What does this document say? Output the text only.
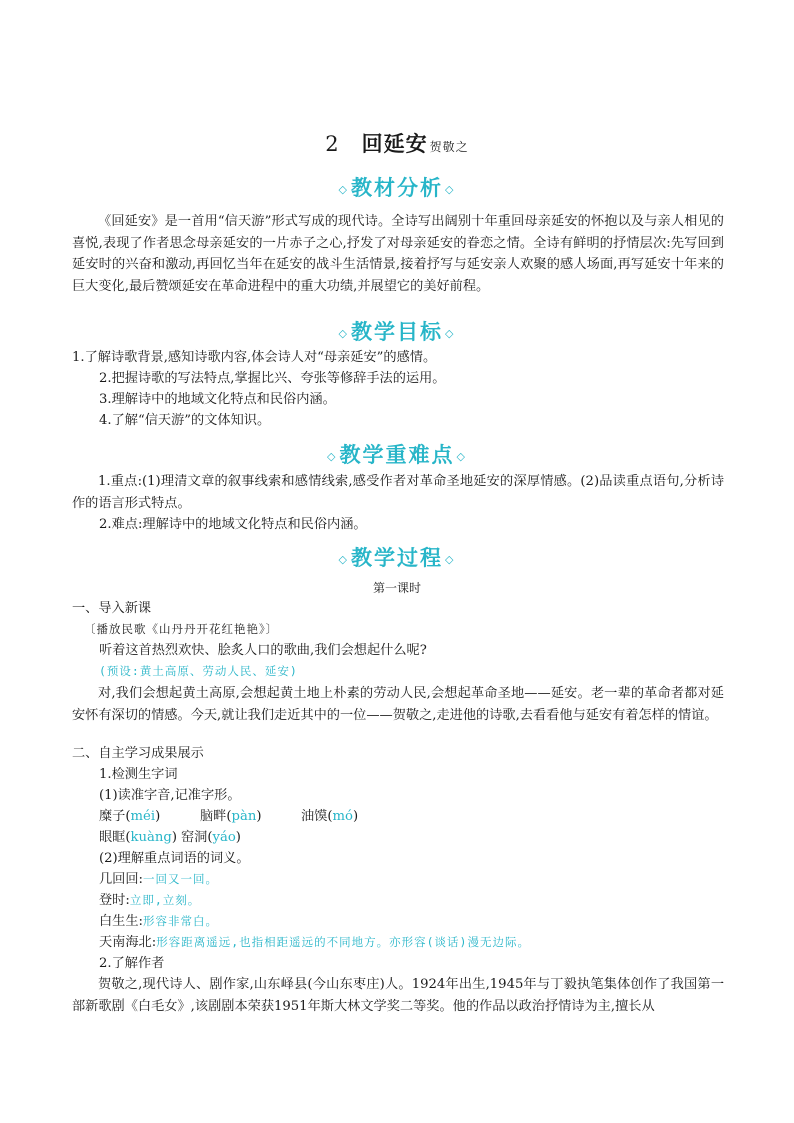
2 回延安 贺敬之
◇教材分析 ◇

《回延安》是一首用“信天游”形式写成的现代诗。全诗写出阔别十年重回母亲延安的怀抱以及与亲人相见的喜悦,表现了作者思念母亲延安的一片赤子之心,抒发了对母亲延安的眷恋之情。全诗有鲜明的抒情层次:先写回到延安时的兴奋和激动,再回忆当年在延安的战斗生活情景,接着抒写与延安亲人欢聚的感人场面,再写延安十年来的巨大变化,最后赞颂延安在革命进程中的重大功绩,并展望它的美好前程。

◇教学目标 ◇

1.了解诗歌背景,感知诗歌内容,体会诗人对“母亲延安”的感情。

2.把握诗歌的写法特点,掌握比兴、夸张等修辞手法的运用。

3.理解诗中的地域文化特点和民俗内涵。

4.了解“信天游”的文体知识。

◇教学重难点 ◇

1.重点:(1)理清文章的叙事线索和感情线索,感受作者对革命圣地延安的深厚情感。(2)品读重点语句,分析诗作的语言形式特点。

2.难点:理解诗中的地域文化特点和民俗内涵。

◇教学过程 ◇

第一课时

一、导入新课

〔播放民歌《山丹丹开花红艳艳》〕

听着这首热烈欢快、脍炙人口的歌曲,我们会想起什么呢?

(预设:黄土高原、劳动人民、延安)

对,我们会想起黄土高原,会想起黄土地上朴素的劳动人民,会想起革命圣地——延安。老一辈的革命者都对延安怀有深切的情感。今天,就让我们走近其中的一位——贺敬之,走进他的诗歌,去看看他与延安有着怎样的情谊。

二、自主学习成果展示

1.检测生字词

(1)读准字音,记准字形。

糜子(méi)	脑畔(pàn)	油馍(mó)
眼眶(kuàng) 窑洞(yáo)

(2)理解重点词语的词义。

几回回:一回又一回。

登时:立即,立刻。

白生生:形容非常白。

天南海北:形容距离遥远,也指相距遥远的不同地方。亦形容(谈话)漫无边际。

2.了解作者

贺敬之,现代诗人、剧作家,山东峄县(今山东枣庄)人。1924年出生,1945年与丁毅执笔集体创作了我国第一部新歌剧《白毛女》,该剧剧本荣获1951年斯大林文学奖二等奖。他的作品以政治抒情诗为主,擅长从
